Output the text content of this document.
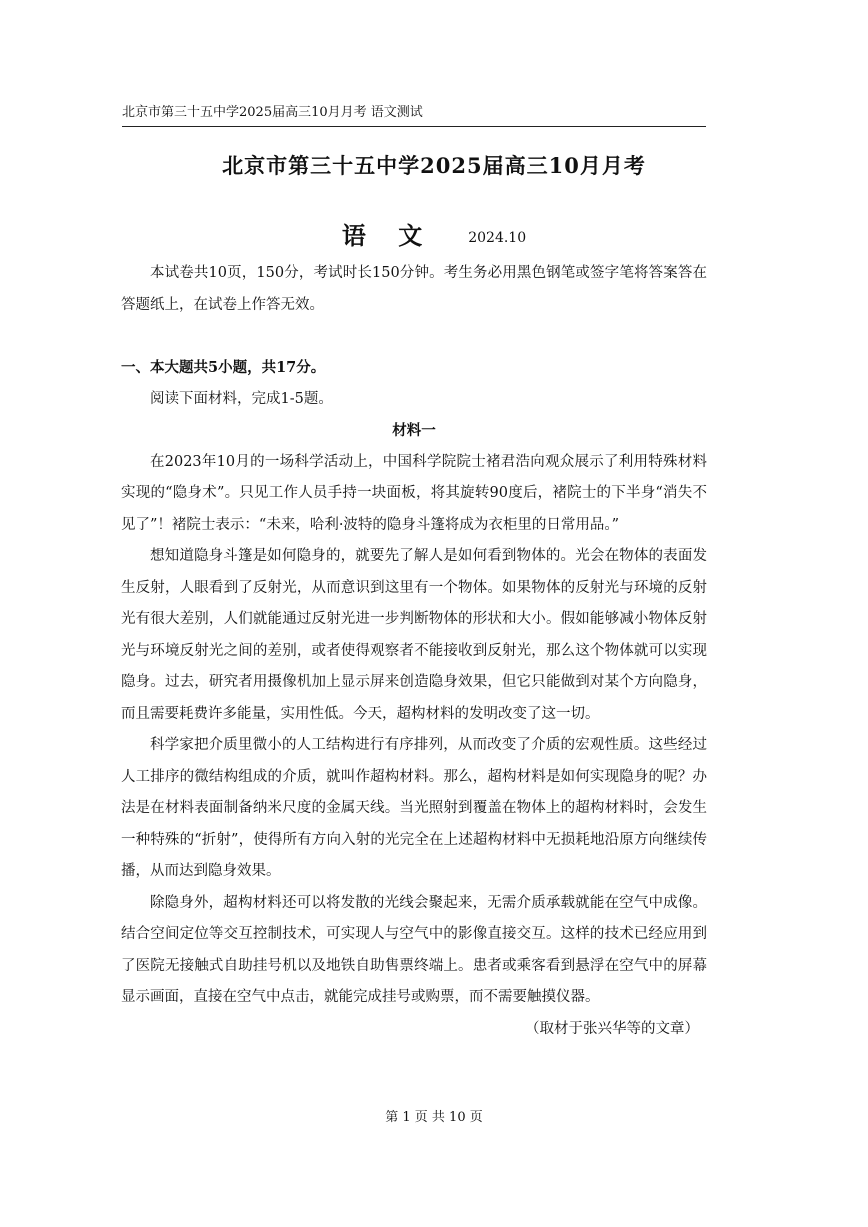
北京市第三十五中学2025届高三10月月考 语文测试
北京市第三十五中学2025届高三10月月考
语 文 2024.10

本试卷共10页，150分，考试时长150分钟。考生务必用黑色钢笔或签字笔将答案答在答题纸上，在试卷上作答无效。

一、本大题共5小题，共17分。

阅读下面材料，完成1-5题。

材料一

在2023年10月的一场科学活动上，中国科学院院士褚君浩向观众展示了利用特殊材料实现的“隐身术”。只见工作人员手持一块面板，将其旋转90度后，褚院士的下半身“消失不见了”！褚院士表示：“未来，哈利·波特的隐身斗篷将成为衣柜里的日常用品。”

想知道隐身斗篷是如何隐身的，就要先了解人是如何看到物体的。光会在物体的表面发生反射，人眼看到了反射光，从而意识到这里有一个物体。如果物体的反射光与环境的反射光有很大差别，人们就能通过反射光进一步判断物体的形状和大小。假如能够减小物体反射光与环境反射光之间的差别，或者使得观察者不能接收到反射光，那么这个物体就可以实现隐身。过去，研究者用摄像机加上显示屏来创造隐身效果，但它只能做到对某个方向隐身，而且需要耗费许多能量，实用性低。今天，超构材料的发明改变了这一切。

科学家把介质里微小的人工结构进行有序排列，从而改变了介质的宏观性质。这些经过人工排序的微结构组成的介质，就叫作超构材料。那么，超构材料是如何实现隐身的呢？办法是在材料表面制备纳米尺度的金属天线。当光照射到覆盖在物体上的超构材料时，会发生一种特殊的“折射”，使得所有方向入射的光完全在上述超构材料中无损耗地沿原方向继续传播，从而达到隐身效果。

除隐身外，超构材料还可以将发散的光线会聚起来，无需介质承载就能在空气中成像。结合空间定位等交互控制技术，可实现人与空气中的影像直接交互。这样的技术已经应用到了医院无接触式自助挂号机以及地铁自助售票终端上。患者或乘客看到悬浮在空气中的屏幕显示画面，直接在空气中点击，就能完成挂号或购票，而不需要触摸仪器。

（取材于张兴华等的文章）

第 1 页 共 10 页
